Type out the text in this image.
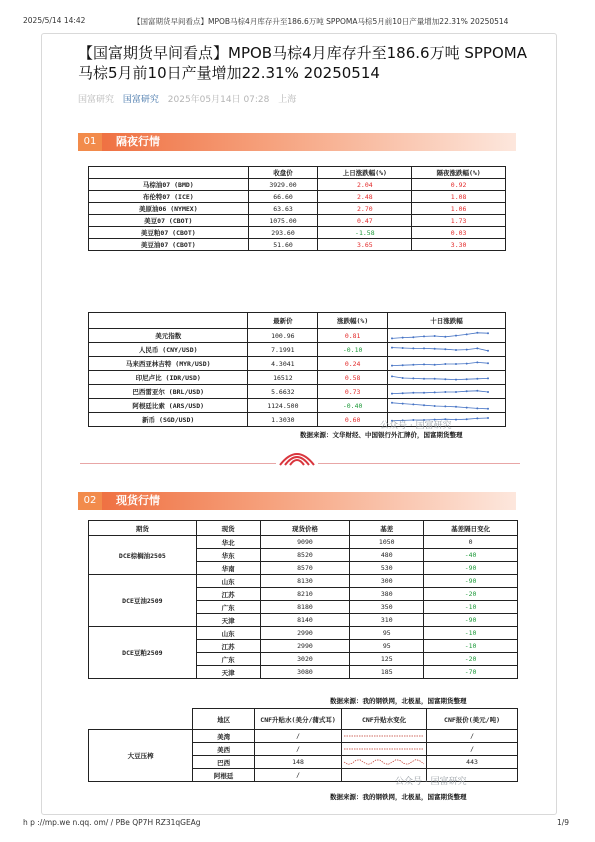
2025/5/14 14:42	【国富期货早间看点】MPOB马棕4月库存升至186.6万吨 SPPOMA马棕5月前10日产量增加22.31% 20250514
【国富期货早间看点】MPOB马棕4月库存升至186.6万吨 SPPOMA马棕5月前10日产量增加22.31% 20250514
国富研究 国富研究 2025年05月14日 07:28 上海
01	隔夜行情
	收盘价	上日涨跌幅(%)	隔夜涨跌幅(%)
马棕油07 (BMD)	3929.00	2.04	0.92
布伦特07 (ICE)	66.60	2.48	1.08
美原油06 (NYMEX)	63.63	2.70	1.06
美豆07 (CBOT)	1075.00	0.47	1.73
美豆粕07 (CBOT)	293.60	-1.58	0.03
美豆油07 (CBOT)	51.60	3.65	3.30
	最新价	涨跌幅(%)	十日涨跌幅
美元指数	100.96	0.81	

人民币 (CNY/USD)	7.1991	-0.10	

马来西亚林吉特 (MYR/USD)	4.3041	0.24	

印尼卢比 (IDR/USD)	16512	0.58	

巴西雷亚尔 (BRL/USD)	5.6632	0.73	

阿根廷比索 (ARS/USD)	1124.500	-0.40	

新币 (SGD/USD)	1.3030	0.60	
数据来源：文华财经、中国银行外汇牌价，国富期货整理
公众号 · 国富研究
02	现货行情
期货	现货	现货价格	基差	基差隔日变化
DCE棕榈油2505	华北	9090	1050	0
	华东	8520	480	-40
	华南	8570	530	-90
DCE豆油2509	山东	8130	300	-90
	江苏	8210	380	-20
	广东	8180	350	-10
	天津	8140	310	-90
DCE豆粕2509	山东	2990	95	-10
	江苏	2990	95	-10
	广东	3020	125	-20
	天津	3080	185	-70
数据来源：我的钢铁网，北极星，国富期货整理
	地区	CNF升贴水(美分/蒲式耳)	CNF升贴水变化	CNF报价(美元/吨)
大豆压榨	美湾	/		/
	美西	/		/
	巴西	148		443
	阿根廷	/		
数据来源：我的钢铁网，北极星，国富期货整理
公众号 · 国富研究
h p ://mp.we n.qq. om/ / PBe QP7H RZ31qGEAg	1/9
